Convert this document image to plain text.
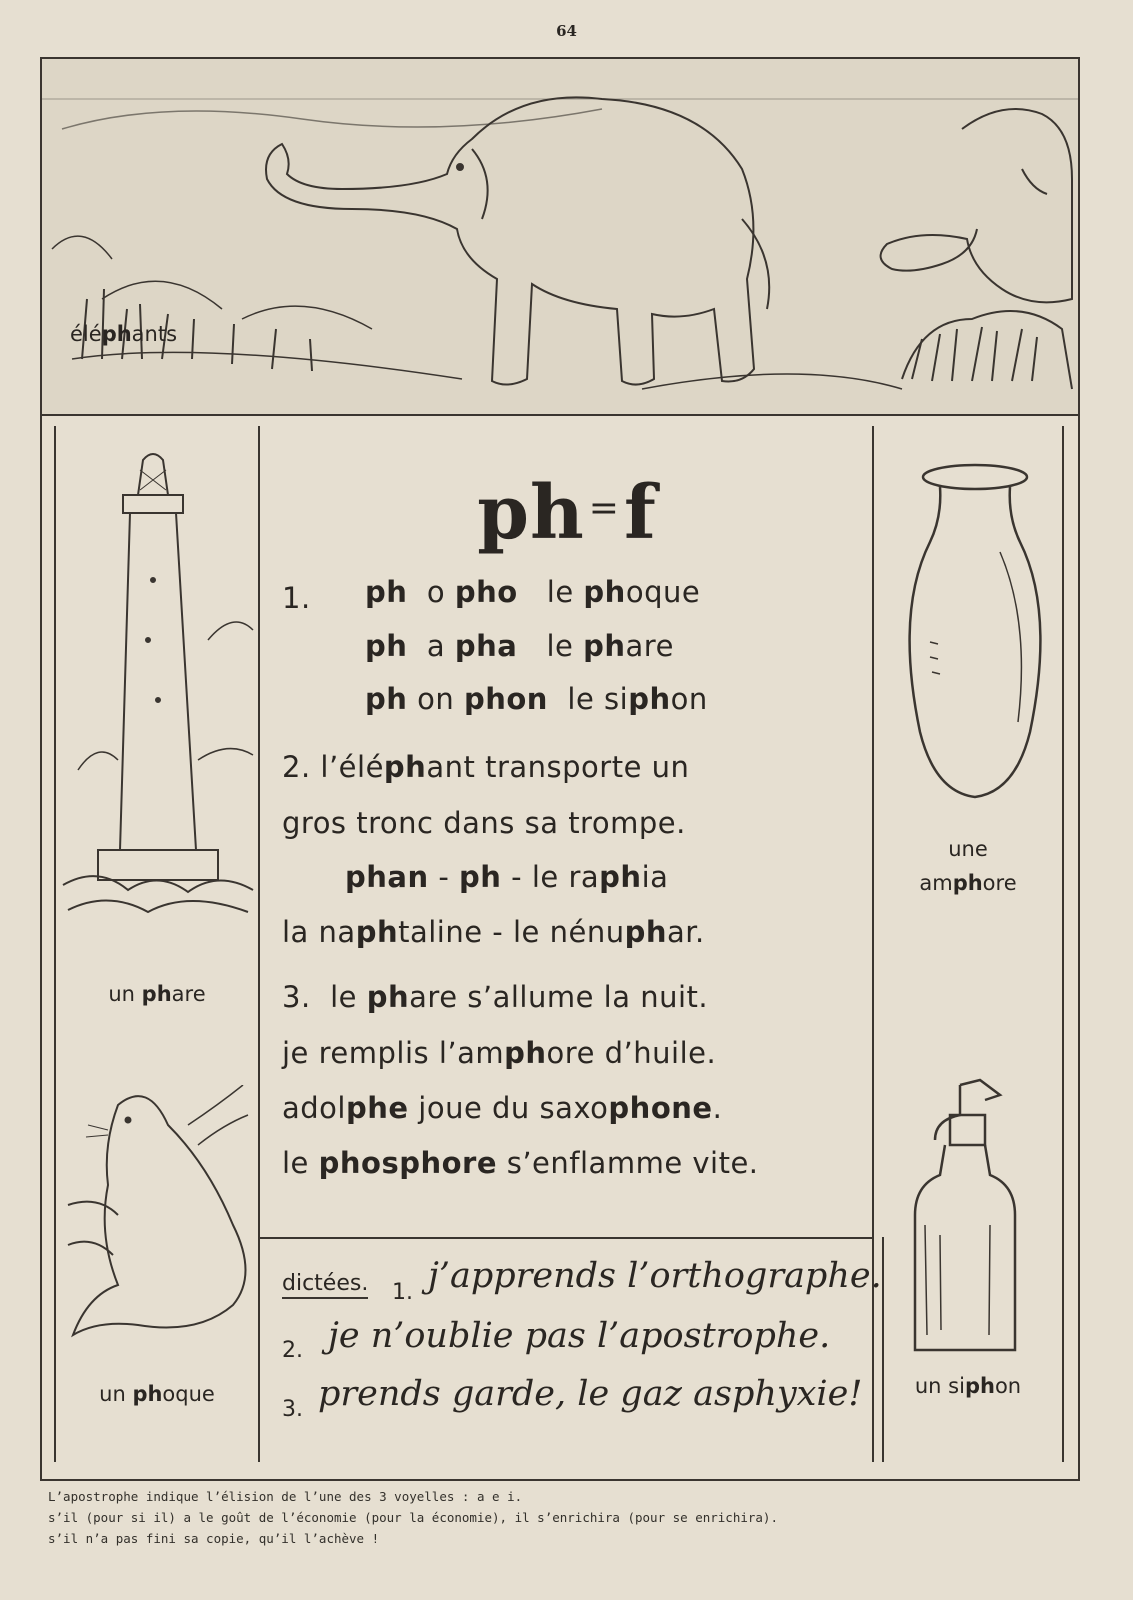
64
éléphants
un phare
un phoque
une
amphore
un siphon
ph =f
1. ph o pho le phoque
ph a pha le phare
ph on phon le siphon
2. l’éléphant transporte un
gros tronc dans sa trompe.
phan - ph - le raphia
la naphtaline - le nénuphar.
3. le phare s’allume la nuit.
je remplis l’amphore d’huile.
adolphe joue du saxophone.
le phosphore s’enflamme vite.
dictées. 1. j’apprends l’orthographe.
2. je n’oublie pas l’apostrophe.
3. prends garde, le gaz asphyxie!
L’apostrophe indique l’élision de l’une des 3 voyelles : a e i.
s’il (pour si il) a le goût de l’économie (pour la économie), il s’enrichira (pour se enrichira).
s’il n’a pas fini sa copie, qu’il l’achève !
